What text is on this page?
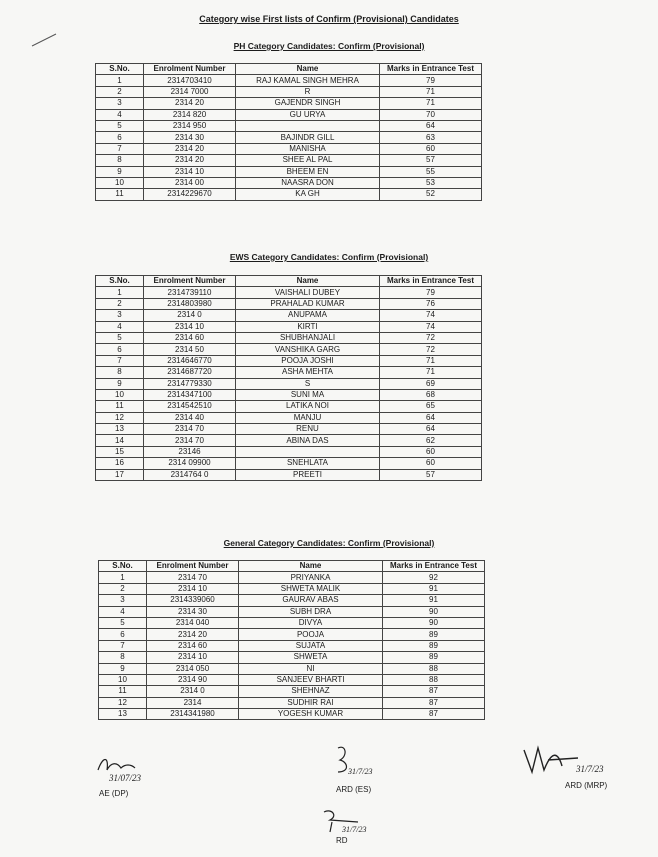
Category wise First lists of Confirm (Provisional) Candidates
PH Category Candidates: Confirm (Provisional)
S.No.	Enrolment Number	Name	Marks in Entrance Test
1	2314703410	RAJ KAMAL SINGH MEHRA	79
2	2314 7000	R	71
3	2314 20	GAJENDR SINGH	71
4	2314 820	GU URYA	70
5	2314 950		64
6	2314 30	BAJINDR GILL	63
7	2314 20	MANISHA	60
8	2314 20	SHEE AL PAL	57
9	2314 10	BHEEM EN	55
10	2314 00	NAASRA DON	53
11	2314229670	KA GH	52
EWS Category Candidates: Confirm (Provisional)
S.No.	Enrolment Number	Name	Marks in Entrance Test
1	2314739110	VAISHALI DUBEY	79
2	2314803980	PRAHALAD KUMAR	76
3	2314 0	ANUPAMA	74
4	2314 10	KIRTI	74
5	2314 60	SHUBHANJALI	72
6	2314 50	VANSHIKA GARG	72
7	2314646770	POOJA JOSHI	71
8	2314687720	ASHA MEHTA	71
9	2314779330	S	69
10	2314347100	SUNI MA	68
11	2314542510	LATIKA NOI	65
12	2314 40	MANJU	64
13	2314 70	RENU	64
14	2314 70	ABINA DAS	62
15	23146		60
16	2314 09900	SNEHLATA	60
17	2314764 0	PREETI	57
General Category Candidates: Confirm (Provisional)
S.No.	Enrolment Number	Name	Marks in Entrance Test
1	2314 70	PRIYANKA	92
2	2314 10	SHWETA MALIK	91
3	2314339060	GAURAV ABAS	91
4	2314 30	SUBH DRA	90
5	2314 040	DIVYA	90
6	2314 20	POOJA	89
7	2314 60	SUJATA	89
8	2314 10	SHWETA	89
9	2314 050	NI	88
10	2314 90	SANJEEV BHARTI	88
11	2314 0	SHEHNAZ	87
12	2314	SUDHIR RAI	87
13	2314341980	YOGESH KUMAR	87
31/07/23
AE (DP)
31/7/23
ARD (ES)
31/7/23
ARD (MRP)
31/7/23
RD
